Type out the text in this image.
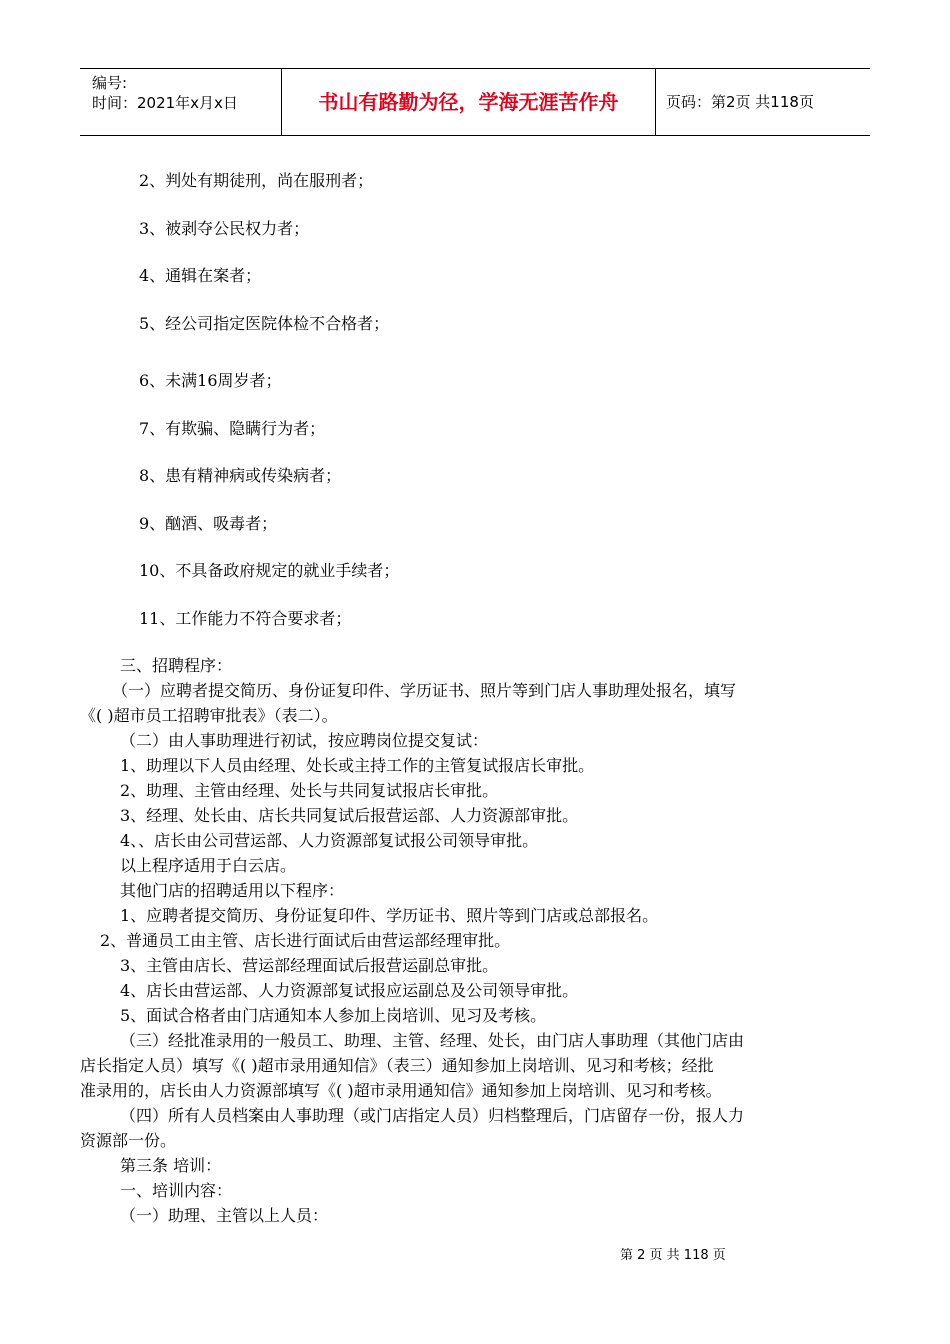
编号:
时间：2021年x月x日	书山有路勤为径，学海无涯苦作舟	页码：第2页 共118页
2、判处有期徒刑，尚在服刑者；
3、被剥夺公民权力者；
4、通辑在案者；
5、经公司指定医院体检不合格者；
6、未满16周岁者；
7、有欺骗、隐瞒行为者；
8、患有精神病或传染病者；
9、酗酒、吸毒者；
10、不具备政府规定的就业手续者；
11、工作能力不符合要求者；
三、招聘程序：
（一）应聘者提交简历、身份证复印件、学历证书、照片等到门店人事助理处报名，填写
《( )超市员工招聘审批表》（表二）。
（二）由人事助理进行初试，按应聘岗位提交复试：
1、助理以下人员由经理、处长或主持工作的主管复试报店长审批。
2、助理、主管由经理、处长与共同复试报店长审批。
3、经理、处长由、店长共同复试后报营运部、人力资源部审批。
4、、店长由公司营运部、人力资源部复试报公司领导审批。
以上程序适用于白云店。
其他门店的招聘适用以下程序：
1、应聘者提交简历、身份证复印件、学历证书、照片等到门店或总部报名。
2、普通员工由主管、店长进行面试后由营运部经理审批。
3、主管由店长、营运部经理面试后报营运副总审批。
4、店长由营运部、人力资源部复试报应运副总及公司领导审批。
5、面试合格者由门店通知本人参加上岗培训、见习及考核。
（三）经批准录用的一般员工、助理、主管、经理、处长，由门店人事助理（其他门店由
店长指定人员）填写《( )超市录用通知信》（表三）通知参加上岗培训、见习和考核；经批
准录用的，店长由人力资源部填写《( )超市录用通知信》通知参加上岗培训、见习和考核。
（四）所有人员档案由人事助理（或门店指定人员）归档整理后，门店留存一份，报人力
资源部一份。
第三条 培训：
一、培训内容：
（一）助理、主管以上人员：
第 2 页 共 118 页
